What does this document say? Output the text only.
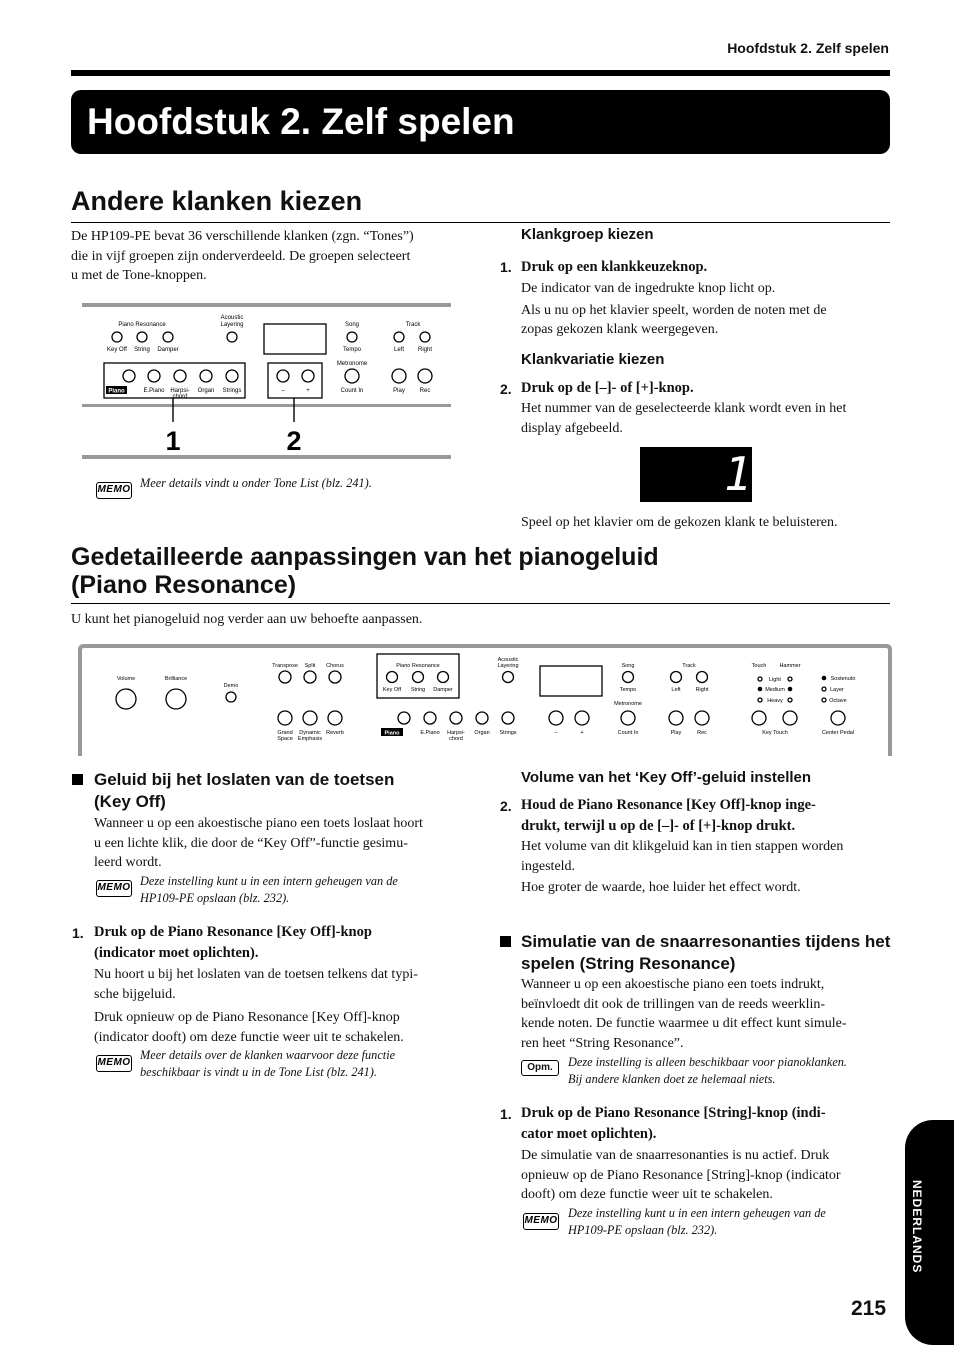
Hoofdstuk 2. Zelf spelen
Hoofdstuk 2. Zelf spelen
Andere klanken kiezen
De HP109-PE bevat 36 verschillende klanken (zgn. “Tones”)
die in vijf groepen zijn onderverdeeld. De groepen selecteert
u met de Tone-knoppen.
Piano Resonance
Acoustic
Layering	Song	Track
Key Off String Damper	Tempo
Metronome
Left Right
E.Piano Harpsi-
chord
Organ Strings	–	+	Count In	Play Rec
Piano
1	2
MEMO Meer details vindt u onder Tone List (blz. 241).
Klankgroep kiezen
1. Druk op een klankkeuzeknop.
De indicator van de ingedrukte knop licht op.
Als u nu op het klavier speelt, worden de noten met de
zopas gekozen klank weergegeven.
Klankvariatie kiezen
2. Druk op de [–]- of [+]-knop.
Het nummer van de geselecteerde klank wordt even in het
display afgebeeld.
1
Speel op het klavier om de gekozen klank te beluisteren.
Gedetailleerde aanpassingen van het pianogeluid
(Piano Resonance)
U kunt het pianogeluid nog verder aan uw behoefte aanpassen.
Volume	Brilliance
Demo
Transpose Split Chorus
Grand
Space
Dynamic
Emphasis
Reverb
Piano Resonance
Key Off String Damper
Acoustic
Layering
E.Piano Harpsi-
chord
Organ Strings	–	+
Song
Tempo
Metronome
Count In
Track
Left	Right
Play	Rec
Touch Hammer
Light
Medium
Heavy
Key Touch
Sostenuto
Layer
Octave
Center Pedal
Piano
Geluid bij het loslaten van de toetsen
(Key Off)
Wanneer u op een akoestische piano een toets loslaat hoort
u een lichte klik, die door de “Key Off”-functie gesimu-
leerd wordt.
MEMO Deze instelling kunt u in een intern geheugen van de
HP109-PE opslaan (blz. 232).
1. Druk op de Piano Resonance [Key Off]-knop
(indicator moet oplichten).
Nu hoort u bij het loslaten van de toetsen telkens dat typi-
sche bijgeluid.
Druk opnieuw op de Piano Resonance [Key Off]-knop
(indicator dooft) om deze functie weer uit te schakelen.
MEMO
Meer details over de klanken waarvoor deze functie
beschikbaar is vindt u in de Tone List (blz. 241).
Volume van het ‘Key Off’-geluid instellen
2. Houd de Piano Resonance [Key Off]-knop inge-
drukt, terwijl u op de [–]- of [+]-knop drukt.
Het volume van dit klikgeluid kan in tien stappen worden
ingesteld.
Hoe groter de waarde, hoe luider het effect wordt.
Simulatie van de snaarresonanties tijdens het
spelen (String Resonance)
Wanneer u op een akoestische piano een toets indrukt,
beïnvloedt dit ook de trillingen van de reeds weerklin-
kende noten. De functie waarmee u dit effect kunt simule-
ren heet “String Resonance”.
Opm.	Deze instelling is alleen beschikbaar voor pianoklanken.
Bij andere klanken doet ze helemaal niets.
1. Druk op de Piano Resonance [String]-knop (indi-
cator moet oplichten).
De simulatie van de snaarresonanties is nu actief. Druk
opnieuw op de Piano Resonance [String]-knop (indicator
dooft) om deze functie weer uit te schakelen.
MEMO
Deze instelling kunt u in een intern geheugen van de
HP109-PE opslaan (blz. 232).	NEDERLANDS
215
